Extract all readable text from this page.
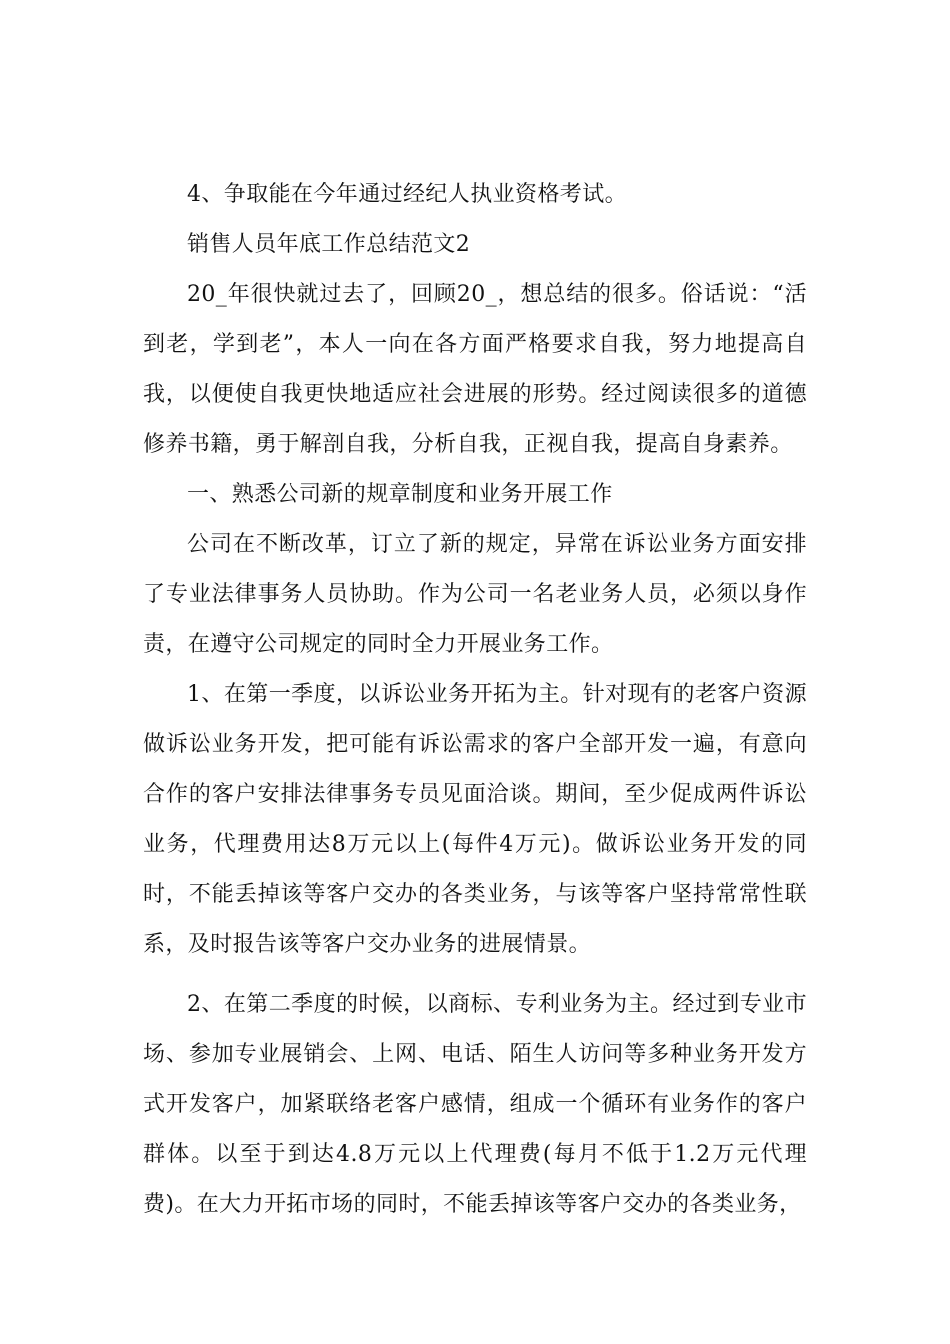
4、争取能在今年通过经纪人执业资格考试。

销售人员年底工作总结范文2

20_年很快就过去了，回顾20_，想总结的很多。俗话说：“活到老，学到老”，本人一向在各方面严格要求自我，努力地提高自我，以便使自我更快地适应社会进展的形势。经过阅读很多的道德修养书籍，勇于解剖自我，分析自我，正视自我，提高自身素养。

一、熟悉公司新的规章制度和业务开展工作

公司在不断改革，订立了新的规定，异常在诉讼业务方面安排了专业法律事务人员协助。作为公司一名老业务人员，必须以身作责，在遵守公司规定的同时全力开展业务工作。

1、在第一季度，以诉讼业务开拓为主。针对现有的老客户资源做诉讼业务开发，把可能有诉讼需求的客户全部开发一遍，有意向合作的客户安排法律事务专员见面洽谈。期间，至少促成两件诉讼业务，代理费用达8万元以上(每件4万元)。做诉讼业务开发的同时，不能丢掉该等客户交办的各类业务，与该等客户坚持常常性联系，及时报告该等客户交办业务的进展情景。

2、在第二季度的时候，以商标、专利业务为主。经过到专业市场、参加专业展销会、上网、电话、陌生人访问等多种业务开发方式开发客户，加紧联络老客户感情，组成一个循环有业务作的客户群体。以至于到达4.8万元以上代理费(每月不低于1.2万元代理费)。在大力开拓市场的同时，不能丢掉该等客户交办的各类业务，
